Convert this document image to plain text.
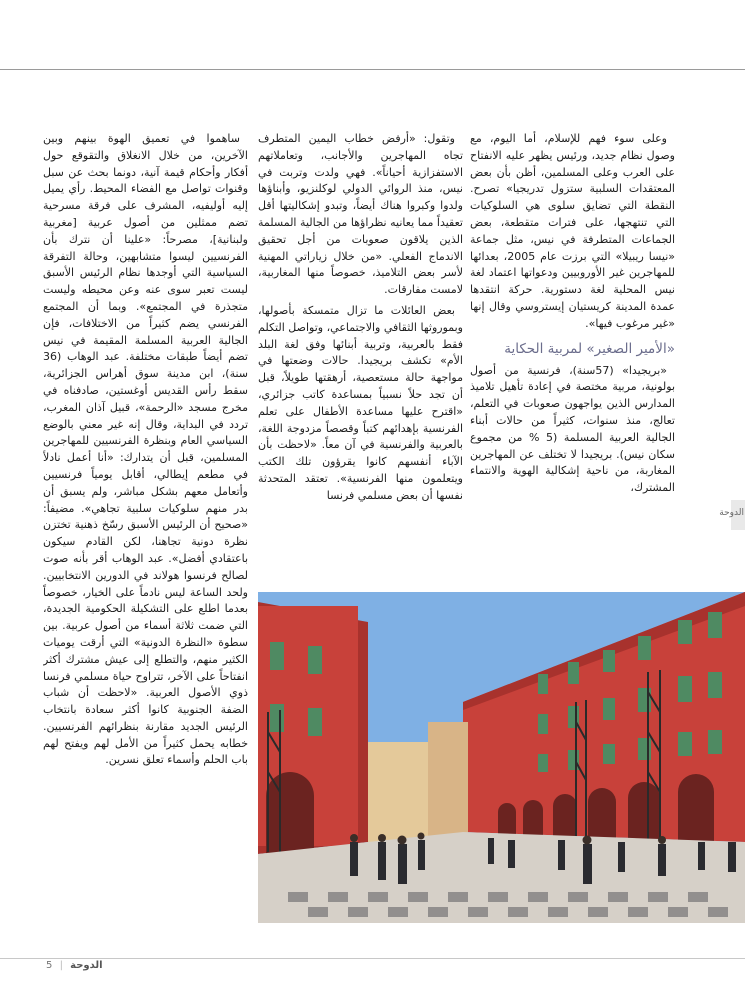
الدوحة

وعلى سوء فهم للإسلام، أما اليوم، مع وصول نظام جديد، ورئيس يظهر عليه الانفتاح على العرب وعلى المسلمين، أظن بأن بعض المعتقدات السلبية ستزول تدريجيا» تصرح. النقطة التي تضايق سلوى هي السلوكيات التي تنتهجها، على فترات متقطعة، بعض الجماعات المتطرفة في نيس، مثل جماعة «نيسا ريبيلا» التي برزت عام 2005، بعدائها للمهاجرين غير الأوروبيين ودعواتها اعتماد لغة نيس المحلية لغة دستورية. حركة انتقدها عمدة المدينة كريستيان إيستروسي وقال إنها «غير مرغوب فيها».

«الأمير الصغير» لمربية الحكاية

«بريجيدا» (57سنة)، فرنسية من أصول بولونية، مربية مختصة في إعادة تأهيل تلاميذ المدارس الذين يواجهون صعوبات في التعلم، تعالج، منذ سنوات، كثيراً من حالات أبناء الجالية العربية المسلمة (5 % من مجموع سكان نيس). بريجيدا لا تختلف عن المهاجرين المغاربة، من ناحية إشكالية الهوية والانتماء المشترك،

وتقول: «أرفض خطاب اليمين المتطرف تجاه المهاجرين والأجانب، وتعاملاتهم الاستفزازية أحياناً». فهي ولدت وتربت في نيس، منذ الروائي الدولي لوكلنزيو، وأبناؤها ولدوا وكبروا هناك أيضاً، وتبدو إشكاليتها أقل تعقيداً مما يعانيه نظراؤها من الجالية المسلمة الذين يلاقون صعوبات من أجل تحقيق الاندماج الفعلي. «من خلال زياراتي المهنية لأسر بعض التلاميذ، خصوصاً منها المغاربية، لامست مفارقات.

بعض العائلات ما تزال متمسكة بأصولها، وبموروثها الثقافي والاجتماعي، وتواصل التكلم فقط بالعربية، وتربية أبنائها وفق لغة البلد الأم» تكشف بريجيدا. حالات وضعتها في مواجهة حالة مستعصية، أرهقتها طويلاً، قبل أن تجد حلاً نسبياً بمساعدة كاتب جزائري، «اقترح عليها مساعدة الأطفال على تعلم الفرنسية بإهدائهم كتباً وقصصاً مزدوجة اللغة، بالعربية والفرنسية في آن معاً. «لاحظت بأن الآباء أنفسهم كانوا يقرؤون تلك الكتب ويتعلمون منها الفرنسية». تعتقد المتحدثة نفسها أن بعض مسلمي فرنسا

ساهموا في تعميق الهوة بينهم وبين الآخرين، من خلال الانغلاق والتقوقع حول أفكار وأحكام قيمة آنية، دونما بحث عن سبل وقنوات تواصل مع الفضاء المحيط. رأي يميل إليه أوليفيه، المشرف على فرقة مسرحية تضم ممثلين من أصول عربية [مغربية ولبنانية]، مصرحاً: «علينا أن نترك بأن الفرنسيين ليسوا متشابهين، وحالة التفرقة السياسية التي أوجدها نظام الرئيس الأسبق ليست تعبر سوى عنه وعن محيطه وليست متجذرة في المجتمع». وبما أن المجتمع الفرنسي يضم كثيراً من الاختلافات، فإن الجالية العربية المسلمة المقيمة في نيس تضم أيضاً طبقات مختلفة. عبد الوهاب (36 سنة)، ابن مدينة سوق أهراس الجزائرية، سقط رأس القديس أوغستين، صادفناه في مخرج مسجد «الرحمة»، قبيل آذان المغرب، تردد في البداية، وقال إنه غير معني بالوضع السياسي العام وبنظرة الفرنسيين للمهاجرين المسلمين، قبل أن يتدارك: «أنا أعمل نادلاً في مطعم إيطالي، أقابل يومياً فرنسيين وأتعامل معهم بشكل مباشر، ولم يسبق أن بدر منهم سلوكيات سلبية تجاهي». مضيفاً: «صحيح أن الرئيس الأسبق رسّخ ذهنية تختزن نظرة دونية تجاهنا، لكن القادم سيكون باعتقادي أفضل». عبد الوهاب أقر بأنه صوت لصالح فرنسوا هولاند في الدورين الانتخابيين. ولحد الساعة ليس نادماً على الخيار، خصوصاً بعدما اطلع على التشكيلة الحكومية الجديدة، التي ضمت ثلاثة أسماء من أصول عربية. بين سطوة «النظرة الدونية» التي أرقت يوميات الكثير منهم، والتطلع إلى عيش مشترك أكثر انفتاحاً على الآخر، تتراوح حياة مسلمي فرنسا ذوي الأصول العربية. «لاحظت أن شباب الضفة الجنوبية كانوا أكثر سعادة بانتخاب الرئيس الجديد مقارنة بنظرائهم الفرنسيين. خطابه يحمل كثيراً من الأمل لهم ويفتح لهم باب الحلم وأسماء تعلق نسرين.

الدوحة | 5
